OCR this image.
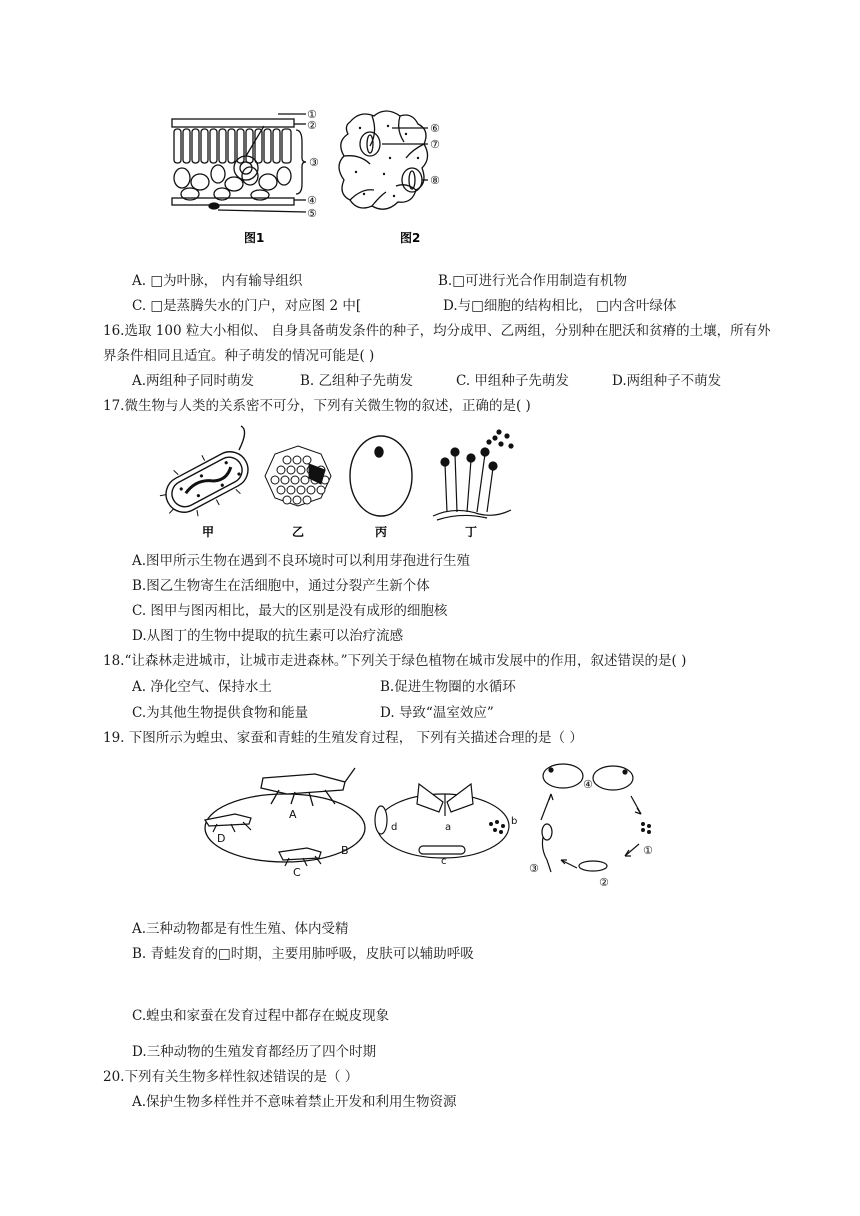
①
②
③
④
⑤
⑥
⑦
⑧
图1	图2
A. □为叶脉， 内有输导组织	B.□可进行光合作用制造有机物
C. □是蒸腾失水的门户，对应图 2 中[	D.与□细胞的结构相比， □内含叶绿体
16.选取 100 粒大小相似、 自身具备萌发条件的种子，均分成甲、乙两组，分别种在肥沃和贫瘠的土壤，所有外
界条件相同且适宜。种子萌发的情况可能是( )
A.两组种子同时萌发	B. 乙组种子先萌发	C. 甲组种子先萌发	D.两组种子不萌发
17.微生物与人类的关系密不可分，下列有关微生物的叙述，正确的是( )
甲	乙	丙	丁
A.图甲所示生物在遇到不良环境时可以利用芽孢进行生殖
B.图乙生物寄生在活细胞中，通过分裂产生新个体
C. 图甲与图丙相比，最大的区别是没有成形的细胞核
D.从图丁的生物中提取的抗生素可以治疗流感
18.“让森林走进城市，让城市走进森林。”下列关于绿色植物在城市发展中的作用，叙述错误的是( )
A. 净化空气、保持水土	B.促进生物圈的水循环
C.为其他生物提供食物和能量	D. 导致“温室效应”
19. 下图所示为蝗虫、家蚕和青蛙的生殖发育过程， 下列有关描述合理的是（ ）
A
B
C
D
a
b
c
d
①
②
③
④
A.三种动物都是有性生殖、体内受精
B. 青蛙发育的□时期，主要用肺呼吸，皮肤可以辅助呼吸
C.蝗虫和家蚕在发育过程中都存在蜕皮现象
D.三种动物的生殖发育都经历了四个时期
20.下列有关生物多样性叙述错误的是（ ）
A.保护生物多样性并不意味着禁止开发和利用生物资源
